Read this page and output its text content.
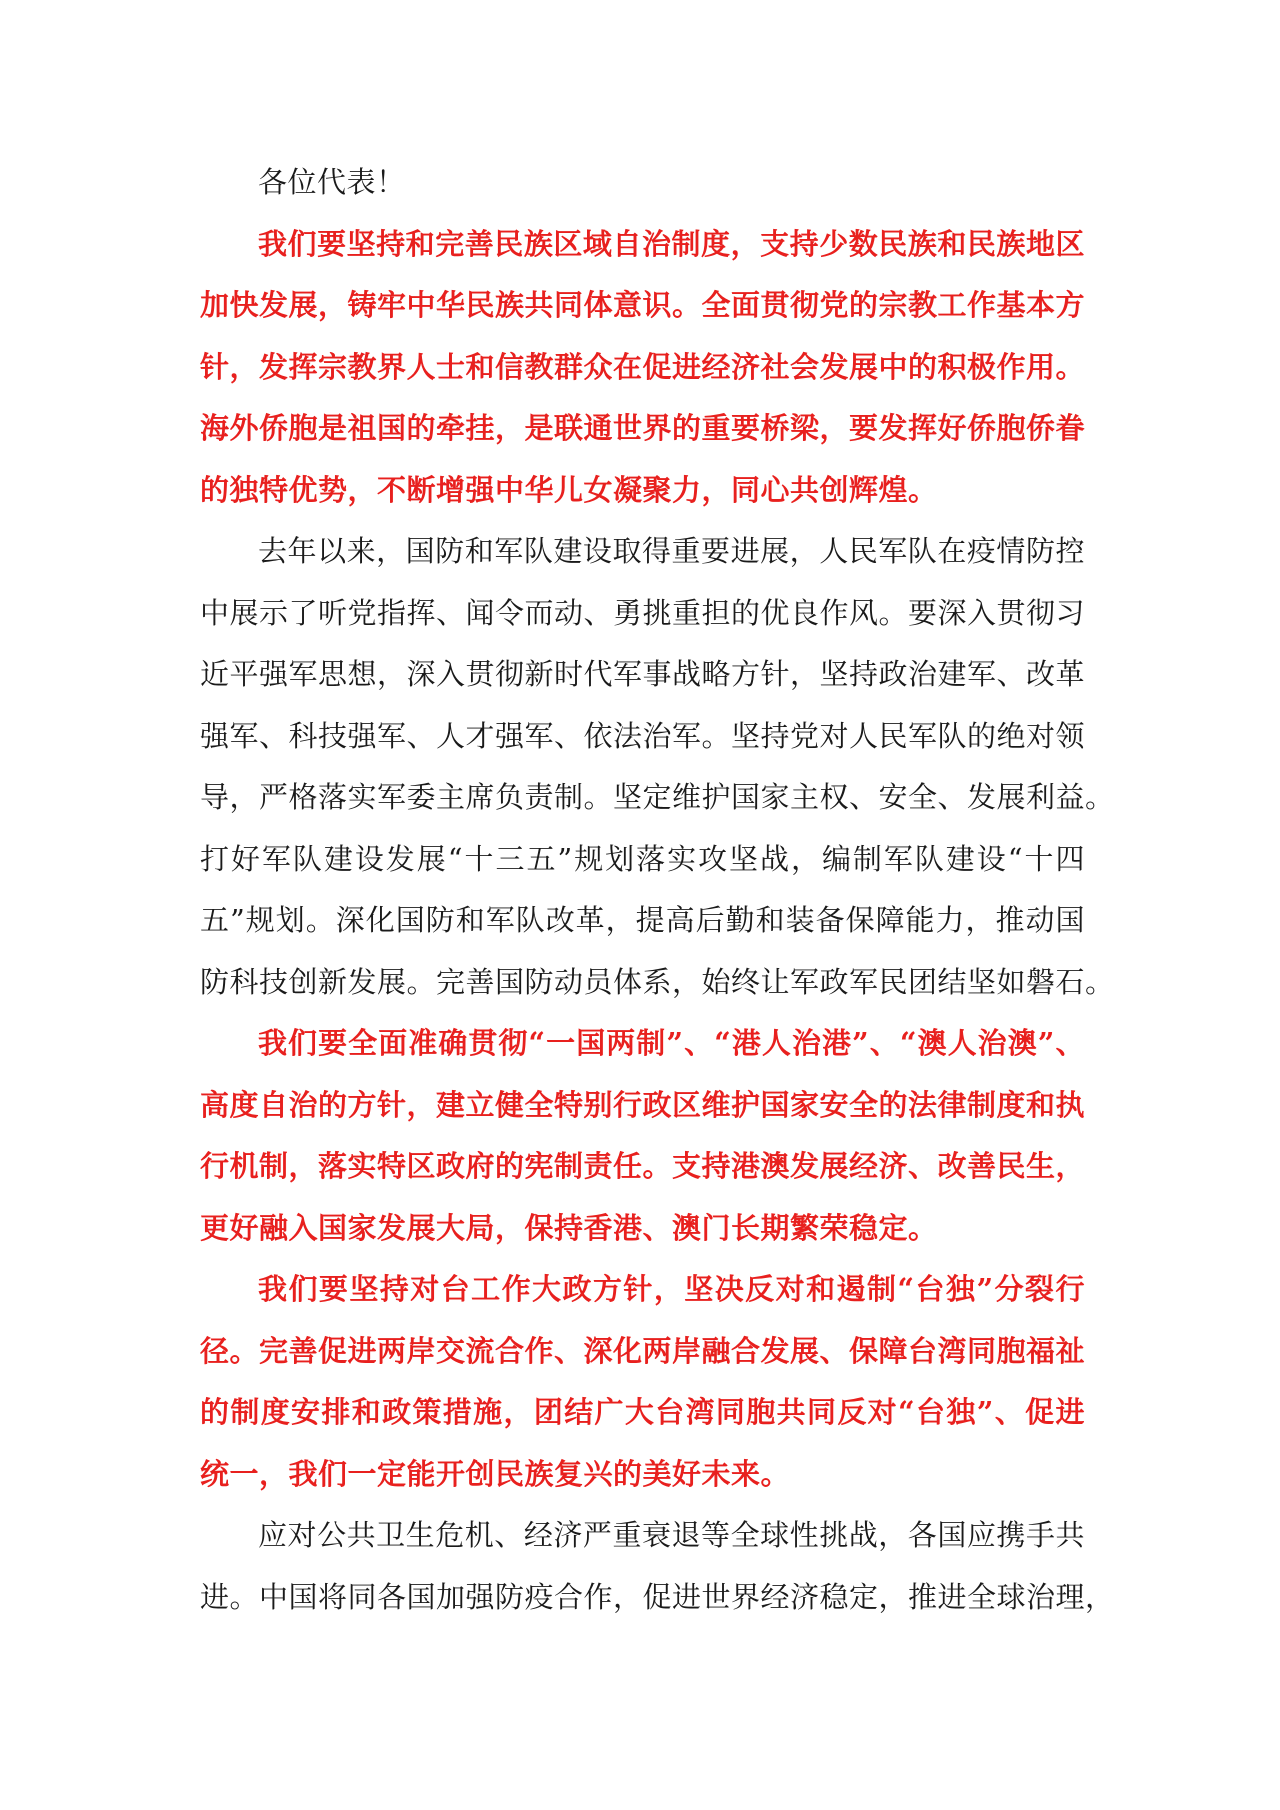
各位代表！
我们要坚持和完善民族区域自治制度，支持少数民族和民族地区
加快发展，铸牢中华民族共同体意识。全面贯彻党的宗教工作基本方
针，发挥宗教界人士和信教群众在促进经济社会发展中的积极作用。
海外侨胞是祖国的牵挂，是联通世界的重要桥梁，要发挥好侨胞侨眷
的独特优势，不断增强中华儿女凝聚力，同心共创辉煌。
去年以来，国防和军队建设取得重要进展，人民军队在疫情防控
中展示了听党指挥、闻令而动、勇挑重担的优良作风。要深入贯彻习
近平强军思想，深入贯彻新时代军事战略方针，坚持政治建军、改革
强军、科技强军、人才强军、依法治军。坚持党对人民军队的绝对领
导，严格落实军委主席负责制。坚定维护国家主权、安全、发展利益。
打好军队建设发展“十三五”规划落实攻坚战，编制军队建设“十四
五”规划。深化国防和军队改革，提高后勤和装备保障能力，推动国
防科技创新发展。完善国防动员体系，始终让军政军民团结坚如磐石。
我们要全面准确贯彻“一国两制”、“港人治港”、“澳人治澳”、
高度自治的方针，建立健全特别行政区维护国家安全的法律制度和执
行机制，落实特区政府的宪制责任。支持港澳发展经济、改善民生，
更好融入国家发展大局，保持香港、澳门长期繁荣稳定。
我们要坚持对台工作大政方针，坚决反对和遏制“台独”分裂行
径。完善促进两岸交流合作、深化两岸融合发展、保障台湾同胞福祉
的制度安排和政策措施，团结广大台湾同胞共同反对“台独”、促进
统一，我们一定能开创民族复兴的美好未来。
应对公共卫生危机、经济严重衰退等全球性挑战，各国应携手共
进。中国将同各国加强防疫合作，促进世界经济稳定，推进全球治理，
